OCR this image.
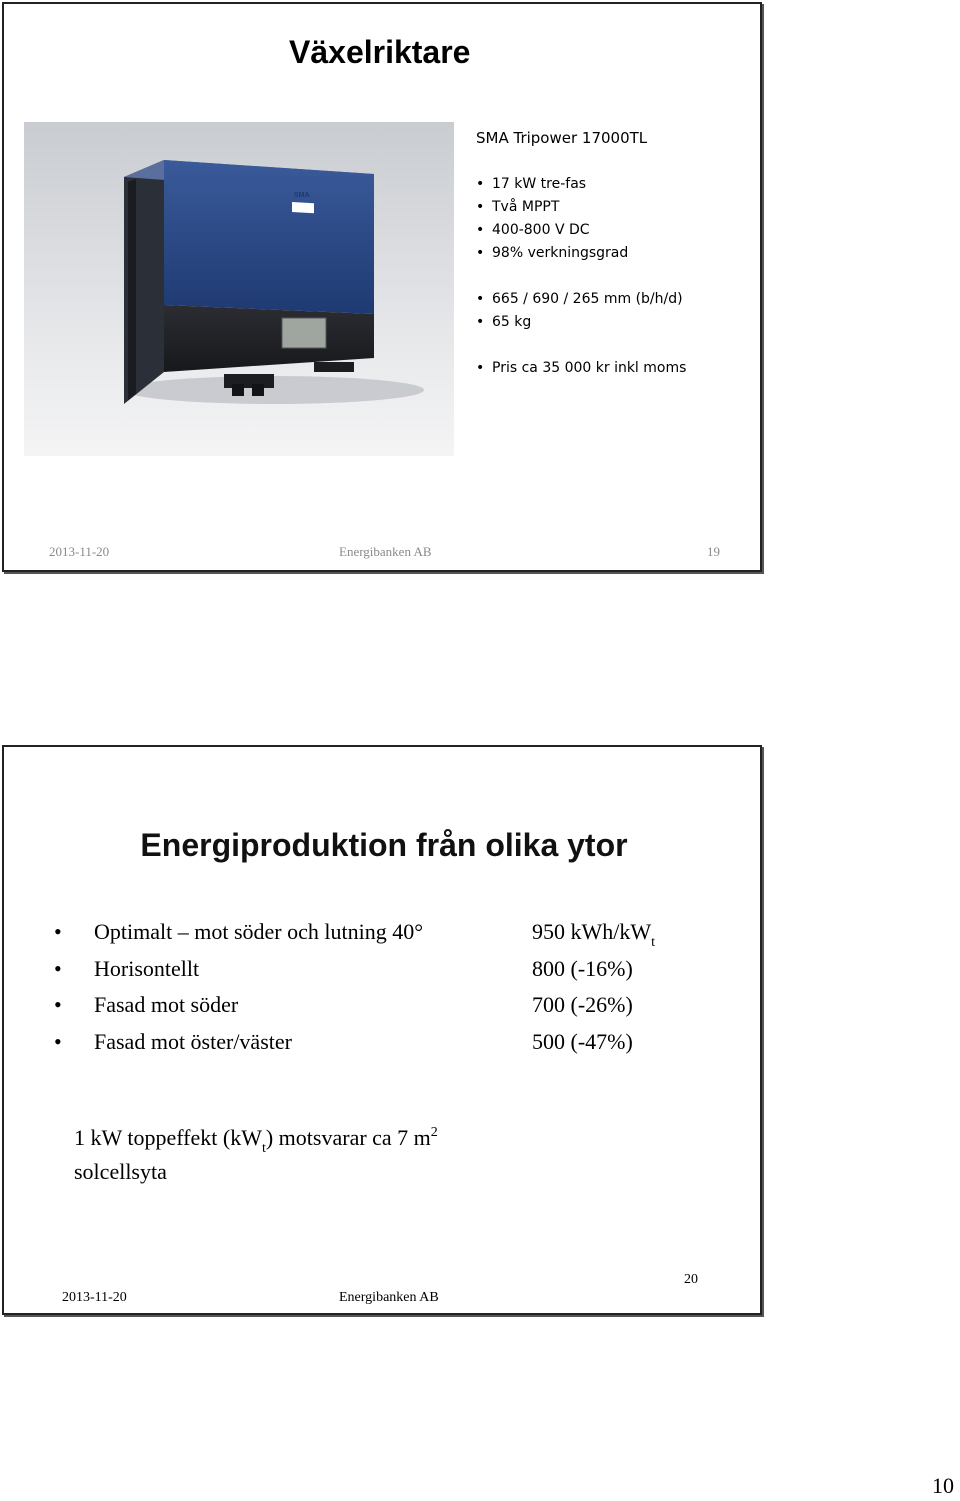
Växelriktare
SMA
SMA Tripower 17000TL
• 17 kW tre-fas
• Två MPPT
• 400-800 V DC
• 98% verkningsgrad
• 665 / 690 / 265 mm (b/h/d)
• 65 kg
• Pris ca 35 000 kr inkl moms
2013-11-20	Energibanken AB	19
Energiproduktion från olika ytor
• Optimalt – mot söder och lutning 40°	950 kWh/$kW_t$
• Horisontellt	800 (-16%)
• Fasad mot söder	700 (-26%)
• Fasad mot öster/väster	500 (-47%)
1 kW toppeffekt $(kW_t)$ motsvarar ca 7 $m^2$
solcellsyta
2013-11-20	Energibanken AB
20
10
